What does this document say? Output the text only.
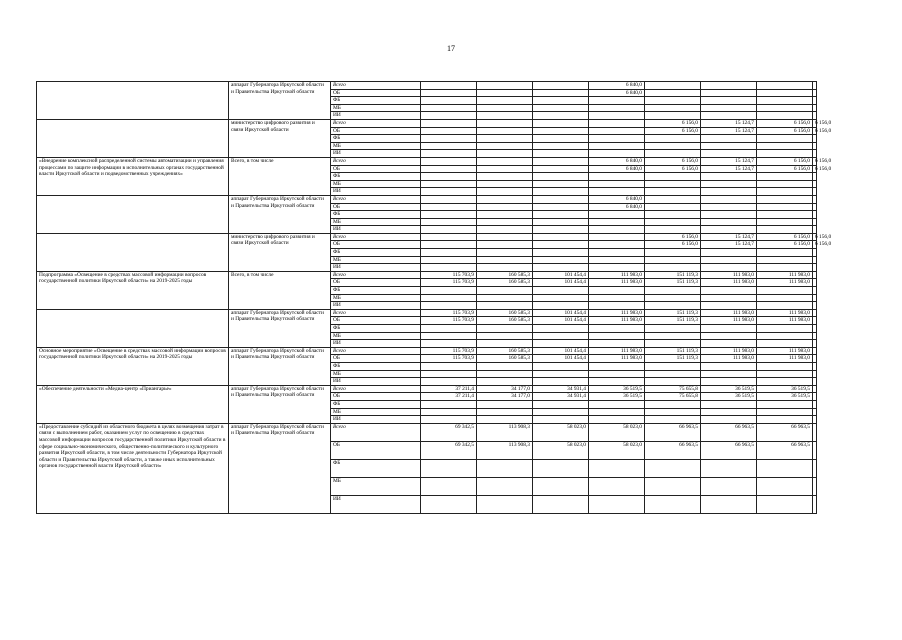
17
	аппарат Губернатора Иркутской области и Правительства Иркутской области	Всего				6 840,0				
		ОБ				6 840,0				
		ФБ								
		МБ								
		ИИ								
	министерство цифрового развития и связи Иркутской области	Всего					6 156,0	15 124,7	6 156,0	6 156,0
		ОБ					6 156,0	15 124,7	6 156,0	6 156,0
		ФБ								
		МБ								
		ИИ								
«Внедрение комплексной распределенной системы автоматизации и управления процессами по защите информации в исполнительных органах государственной власти Иркутской области и подведомственных учреждениях»	Всего, в том числе	Всего				6 840,0	6 156,0	15 124,7	6 156,0	6 156,0
		ОБ				6 840,0	6 156,0	15 124,7	6 156,0	6 156,0
		ФБ								
		МБ								
		ИИ								
	аппарат Губернатора Иркутской области и Правительства Иркутской области	Всего				6 840,0				
		ОБ				6 840,0				
		ФБ								
		МБ								
		ИИ								
	министерство цифрового развития и связи Иркутской области	Всего					6 156,0	15 124,7	6 156,0	6 156,0
		ОБ					6 156,0	15 124,7	6 156,0	6 156,0
		ФБ								
		МБ								
		ИИ								
Подпрограмма «Освещение в средствах массовой информации вопросов государственной политики Иркутской области» на 2019-2025 годы	Всего, в том числе	Всего	115 703,9	160 585,3	101 454,4	111 983,0	151 119,3	111 983,0	111 983,0	
		ОБ	115 703,9	160 585,3	101 454,4	111 983,0	151 119,3	111 983,0	111 983,0	
		ФБ								
		МБ								
		ИИ								
	аппарат Губернатора Иркутской области и Правительства Иркутской области	Всего	115 703,9	160 585,3	101 454,4	111 983,0	151 119,3	111 983,0	111 983,0	
		ОБ	115 703,9	160 585,3	101 454,4	111 983,0	151 119,3	111 983,0	111 983,0	
		ФБ								
		МБ								
		ИИ								
Основное мероприятие «Освещение в средствах массовой информации вопросов государственной политики Иркутской области» на 2019-2025 годы	аппарат Губернатора Иркутской области и Правительства Иркутской области	Всего	115 703,9	160 585,3	101 454,4	111 983,0	151 119,3	111 983,0	111 983,0	
		ОБ	115 703,9	160 585,3	101 454,4	111 983,0	151 119,3	111 983,0	111 983,0	
		ФБ								
		МБ								
		ИИ								
«Обеспечение деятельности «Медиа-центр «Приангарье»	аппарат Губернатора Иркутской области и Правительства Иркутской области	Всего	37 211,4	34 177,0	34 931,4	36 519,5	75 655,8	36 519,5	36 519,5	
		ОБ	37 211,4	34 177,0	34 931,4	36 519,5	75 655,8	36 519,5	36 519,5	
		ФБ								
		МБ								
		ИИ								
«Предоставление субсидий из областного бюджета в целях возмещения затрат в связи с выполнением работ, оказанием услуг по освещению в средствах массовой информации вопросов государственной политики Иркутской области в сфере социально-экономического, общественно-политического и культурного развития Иркутской области, в том числе деятельности Губернатора Иркутской области и Правительства Иркутской области, а также иных исполнительных органов государственной власти Иркутской области»	аппарат Губернатора Иркутской области и Правительства Иркутской области	Всего	69 342,5	113 908,3	58 023,0	58 023,0	66 963,5	66 963,5	66 963,5	
		ОБ	69 342,5	113 908,3	58 023,0	58 023,0	66 963,5	66 963,5	66 963,5	
		ФБ								
		МБ								
		ИИ								
